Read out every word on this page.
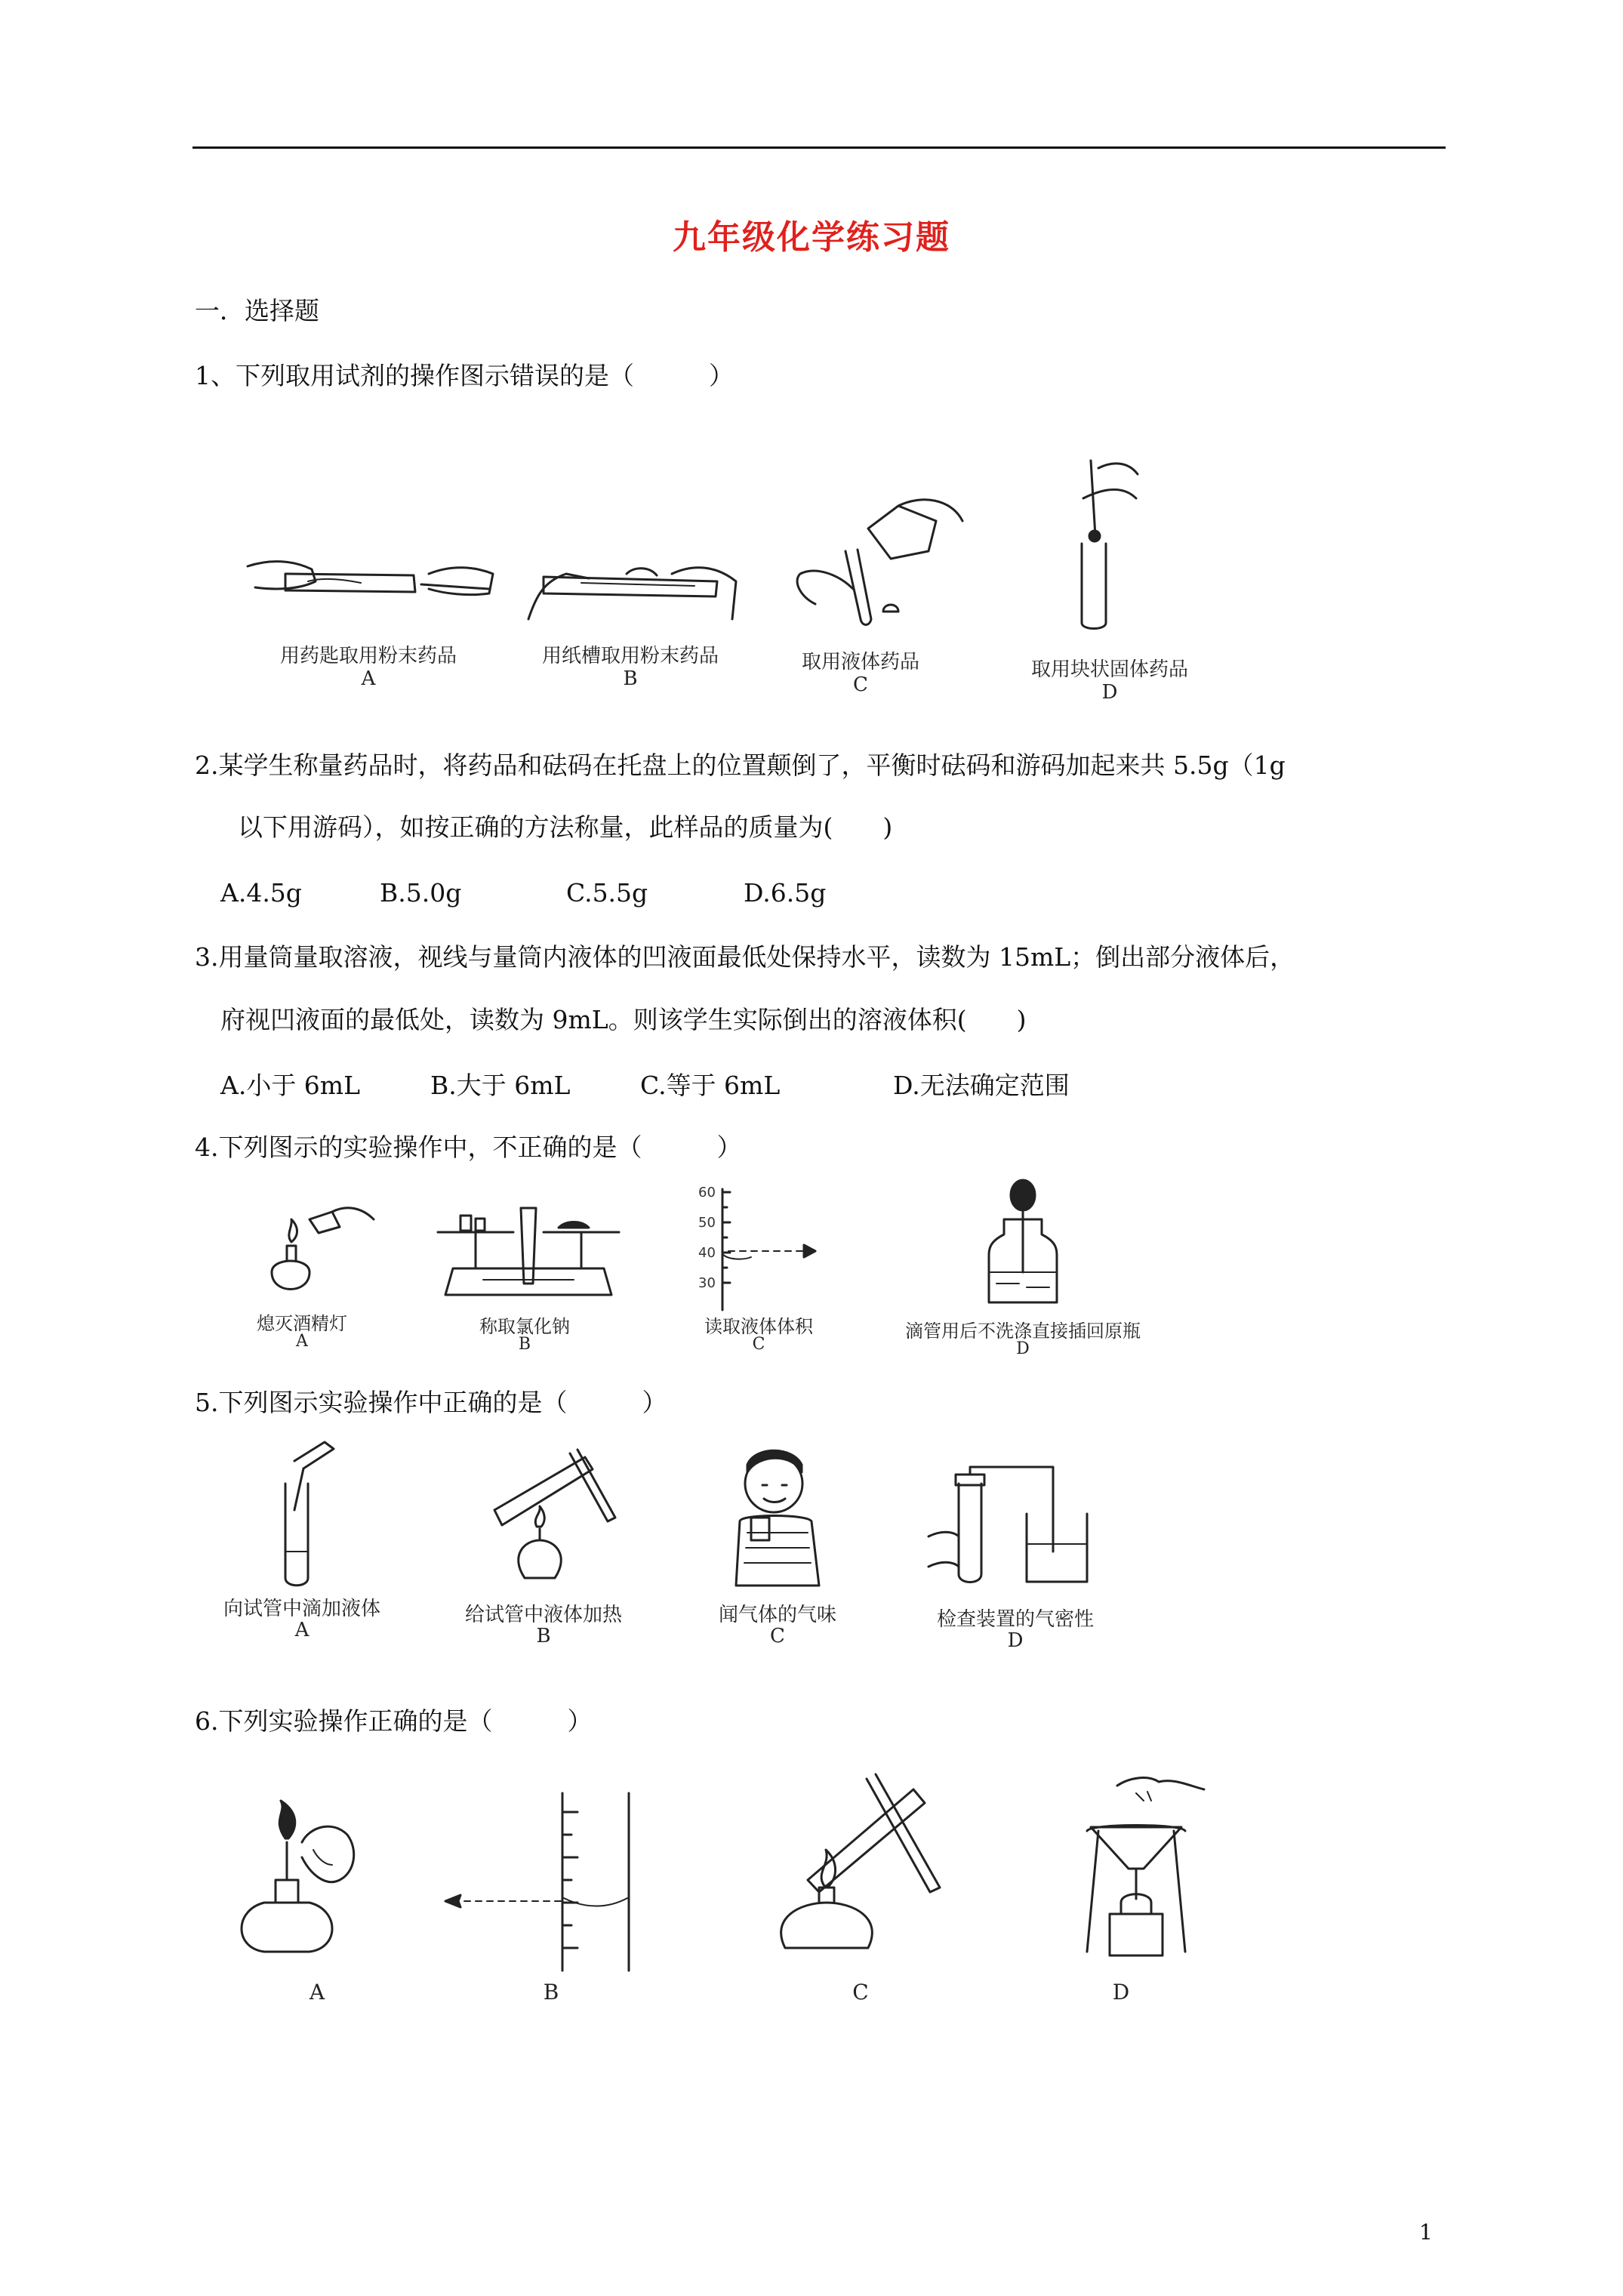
九年级化学练习题
一．选择题
1、下列取用试剂的操作图示错误的是（　　　）
用药匙取用粉末药品
A
用纸槽取用粉末药品
B
取用液体药品
C
取用块状固体药品
D
2.某学生称量药品时，将药品和砝码在托盘上的位置颠倒了，平衡时砝码和游码加起来共 5.5g（1g
以下用游码），如按正确的方法称量，此样品的质量为(　　)
A.4.5g	B.5.0g	C.5.5g	D.6.5g
3.用量筒量取溶液，视线与量筒内液体的凹液面最低处保持水平，读数为 15mL；倒出部分液体后，
府视凹液面的最低处，读数为 9mL。则该学生实际倒出的溶液体积(　　)
A.小于 6mL	B.大于 6mL	C.等于 6mL	D.无法确定范围
4.下列图示的实验操作中，不正确的是（　　　）
熄灭酒精灯
A
称取氯化钠
B
60
50
40
30
读取液体体积
C
滴管用后不洗涤直接插回原瓶
D
5.下列图示实验操作中正确的是（　　　）
向试管中滴加液体
A
给试管中液体加热
B
闻气体的气味
C
检查装置的气密性
D
6.下列实验操作正确的是（　　　）
A	B	C	D
1
